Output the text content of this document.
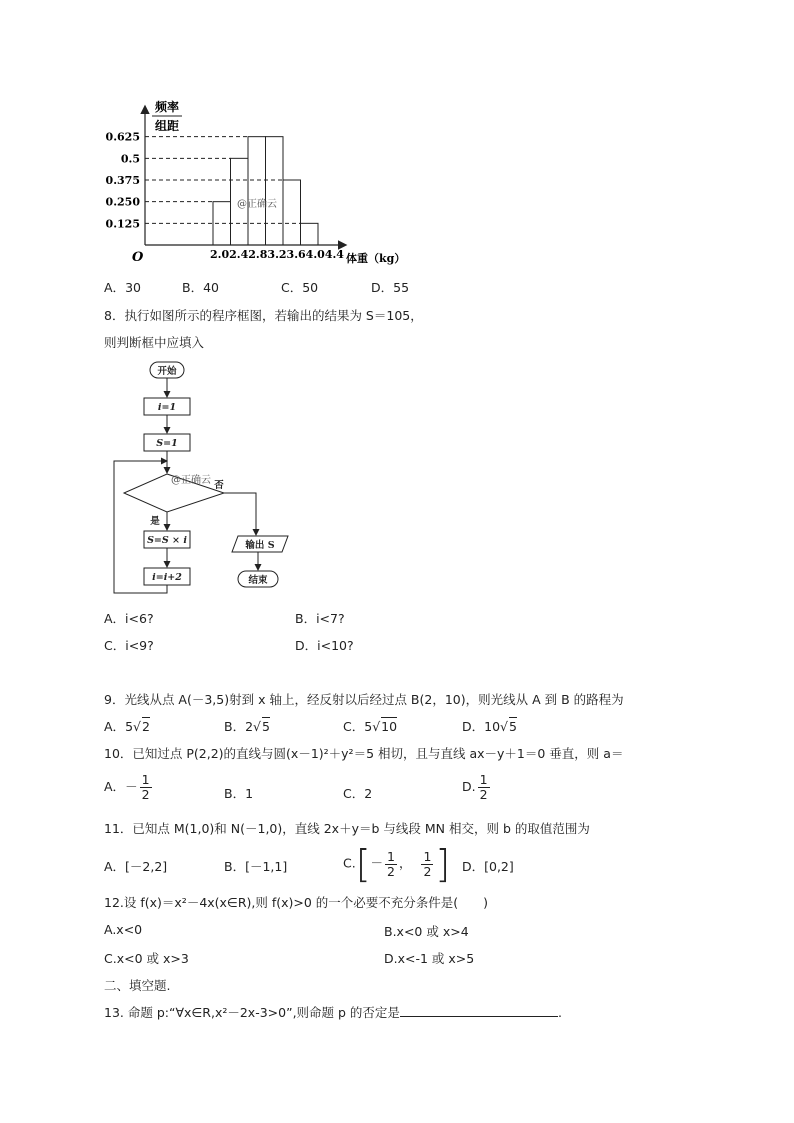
频率
组距
0.625
0.5
0.375
0.250
0.125
O	2.02.42.83.23.64.04.4 体重（kg）
@正确云
A．30	B．40	C．50	D．55
8．执行如图所示的程序框图，若输出的结果为 S＝105，
则判断框中应填入
开始
i=1
S=1
S=S × i
i=i+2
输出 S
结束
否
是
@正确云
A．i<6?	B．i<7?
C．i<9?	D．i<10?
9．光线从点 A(－3,5)射到 x 轴上，经反射以后经过点 B(2，10)，则光线从 A 到 B 的路程为
A．5√2	B．2√5	C．5√10	D．10√5
10．已知过点 P(2,2)的直线与圆(x－1)²＋y²＝5 相切，且与直线 ax－y＋1＝0 垂直，则 a＝
A．－ $\frac{1}{2}$	B．1	C．2	D. $\frac{1}{2}$
11．已知点 M(1,0)和 N(－1,0)，直线 2x＋y＝b 与线段 MN 相交，则 b 的取值范围为
A．[－2,2]	B．[－1,1]	$C.[- \frac{1}{2}$ ， $\frac{1}{2}$ ] D．[0,2]
12.设 f(x)＝x²－4x(x∈R),则 f(x)>0 的一个必要不充分条件是(　　)
A.x<0	B.x<0 或 x>4
C.x<0 或 x>3	D.x<-1 或 x>5
二、填空题.
13. 命题 p:“∀x∈R,x²－2x-3>0”,则命题 p 的否定是	.
